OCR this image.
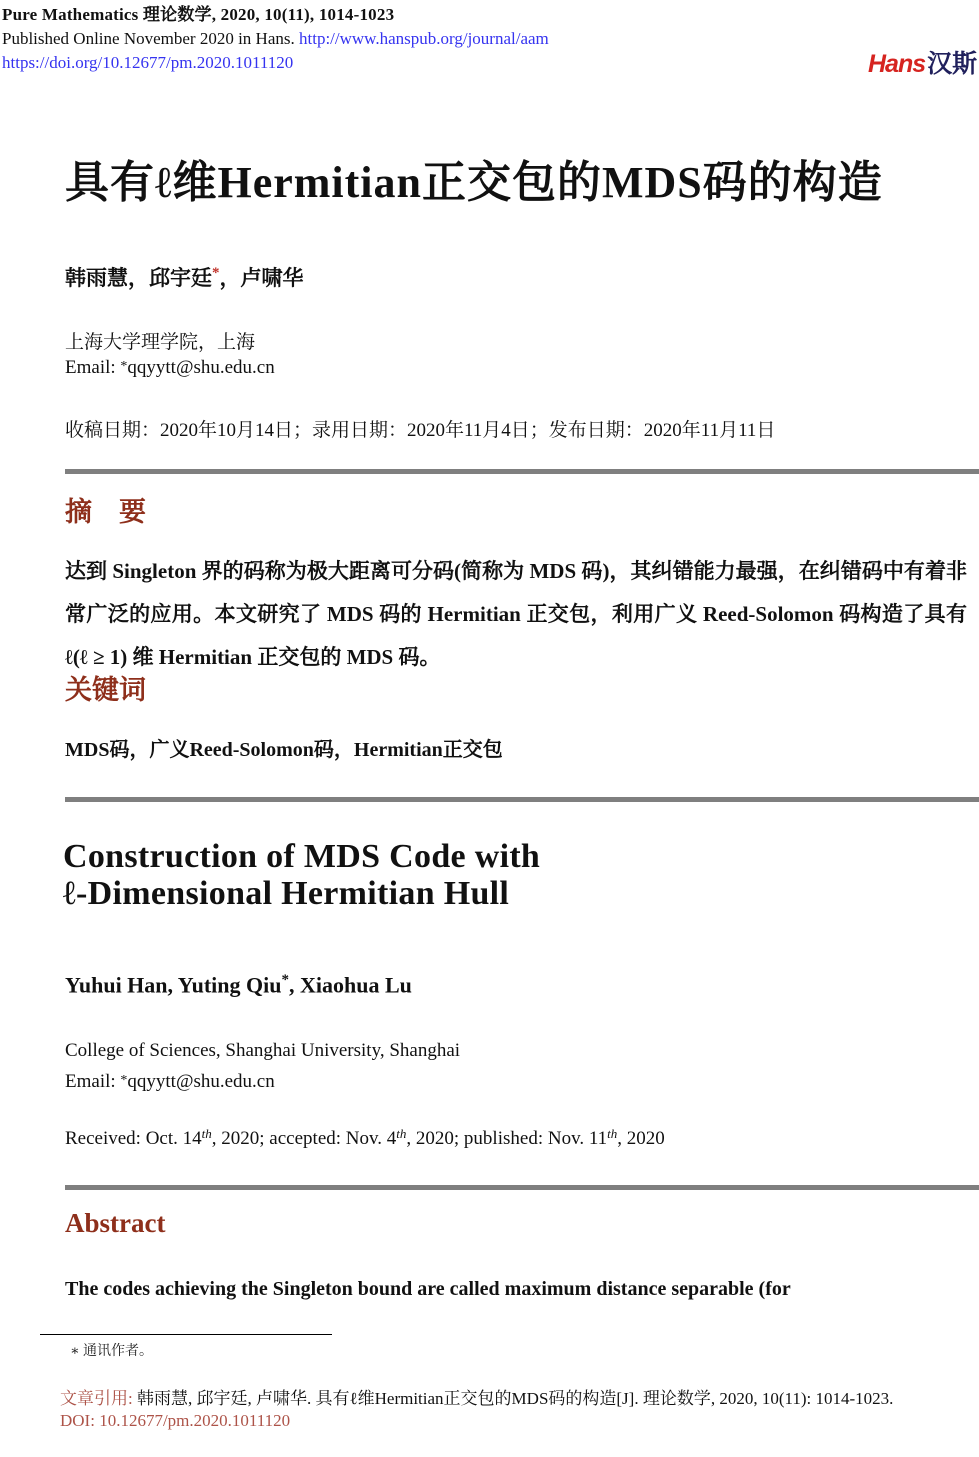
Pure Mathematics 理论数学, 2020, 10(11), 1014-1023
Published Online November 2020 in Hans. http://www.hanspub.org/journal/aam
https://doi.org/10.12677/pm.2020.1011120	Hans汉斯
具有ℓ维Hermitian正交包的MDS码的构造
韩雨慧，邱宇廷*，卢啸华
上海大学理学院，上海
Email: *qqyytt@shu.edu.cn
收稿日期：2020年10月14日；录用日期：2020年11月4日；发布日期：2020年11月11日
摘　要
达到 Singleton 界的码称为极大距离可分码(简称为 MDS 码)，其纠错能力最强，在纠错码中有着非常广泛的应用。本文研究了 MDS 码的 Hermitian 正交包，利用广义 Reed-Solomon 码构造了具有 ℓ(ℓ ≥ 1) 维 Hermitian 正交包的 MDS 码。
关键词
MDS码，广义Reed-Solomon码，Hermitian正交包
Construction of MDS Code with
ℓ-Dimensional Hermitian Hull
Yuhui Han, Yuting Qiu*, Xiaohua Lu
College of Sciences, Shanghai University, Shanghai
Email: *qqyytt@shu.edu.cn
Received: Oct. 14th, 2020; accepted: Nov. 4th, 2020; published: Nov. 11th, 2020
Abstract
The codes achieving the Singleton bound are called maximum distance separable (for
∗ 通讯作者。
文章引用: 韩雨慧, 邱宇廷, 卢啸华. 具有ℓ维Hermitian正交包的MDS码的构造[J]. 理论数学, 2020, 10(11): 1014-1023.
DOI: 10.12677/pm.2020.1011120
